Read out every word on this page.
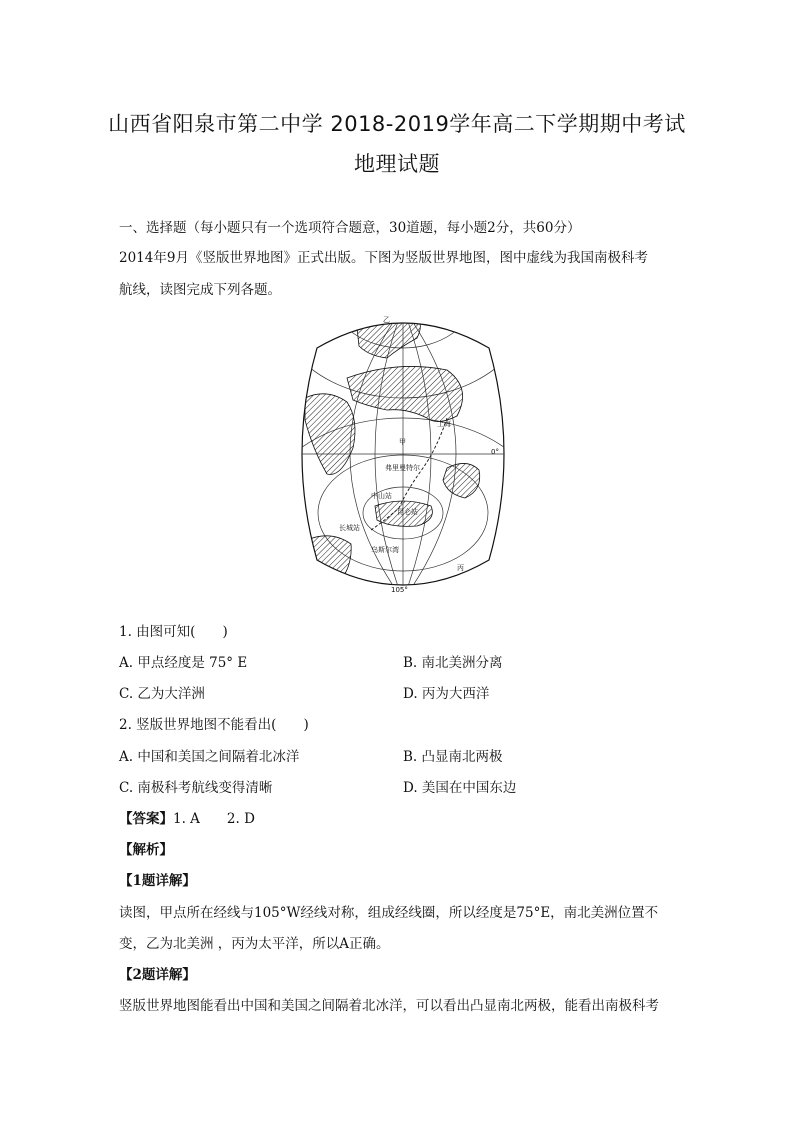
山西省阳泉市第二中学 2018-2019学年高二下学期期中考试
地理试题
一、选择题（每小题只有一个选项符合题意，30道题，每小题2分，共60分）
2014年9月《竖版世界地图》正式出版。下图为竖版世界地图，图中虚线为我国南极科考
航线，读图完成下列各题。
上海
甲
乙
丙
0°
弗里曼特尔
中山站
昆仑站
长城站
乌斯尔湾
105°
1. 由图可知(　　)
A. 甲点经度是 75° E	B. 南北美洲分离
C. 乙为大洋洲	D. 丙为大西洋
2. 竖版世界地图不能看出(　　)
A. 中国和美国之间隔着北冰洋	B. 凸显南北两极
C. 南极科考航线变得清晰	D. 美国在中国东边
【答案】1. A　　2. D
【解析】
【1题详解】
读图，甲点所在经线与105°W经线对称，组成经线圈，所以经度是75°E，南北美洲位置不
变，乙为北美洲 ，丙为太平洋，所以A正确。
【2题详解】
竖版世界地图能看出中国和美国之间隔着北冰洋，可以看出凸显南北两极，能看出南极科考
